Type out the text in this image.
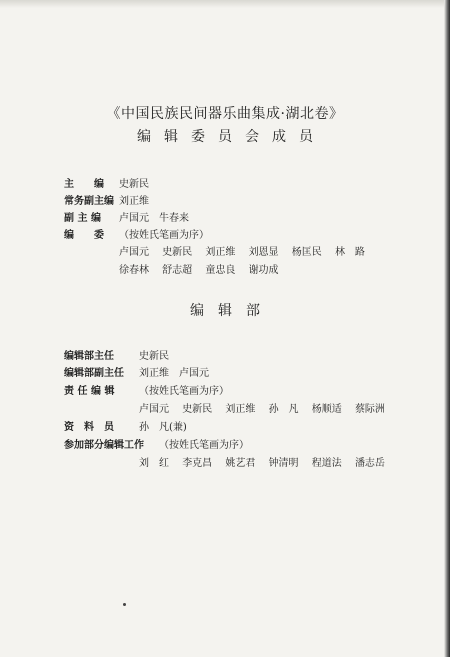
《中国民族民间器乐曲集成·湖北卷》
编辑委员会成员
主　　编 史新民
常务副主编 刘正维
副 主 编 卢国元　牛春来
编　　委 （按姓氏笔画为序）
卢国元 史新民 刘正维 刘恩显 杨匡民 林　路
徐春林 舒志超 童忠良 谢功成
编辑部
编辑部主任	史新民
编辑部副主任 刘正维　卢国元
责 任 编 辑 （按姓氏笔画为序）
卢国元 史新民 刘正维 孙　凡 杨顺适 蔡际洲
资　料　员	孙　凡(兼)
参加部分编辑工作 （按姓氏笔画为序）
刘　红 李克昌 姚艺君 钟清明 程道法 潘志岳
